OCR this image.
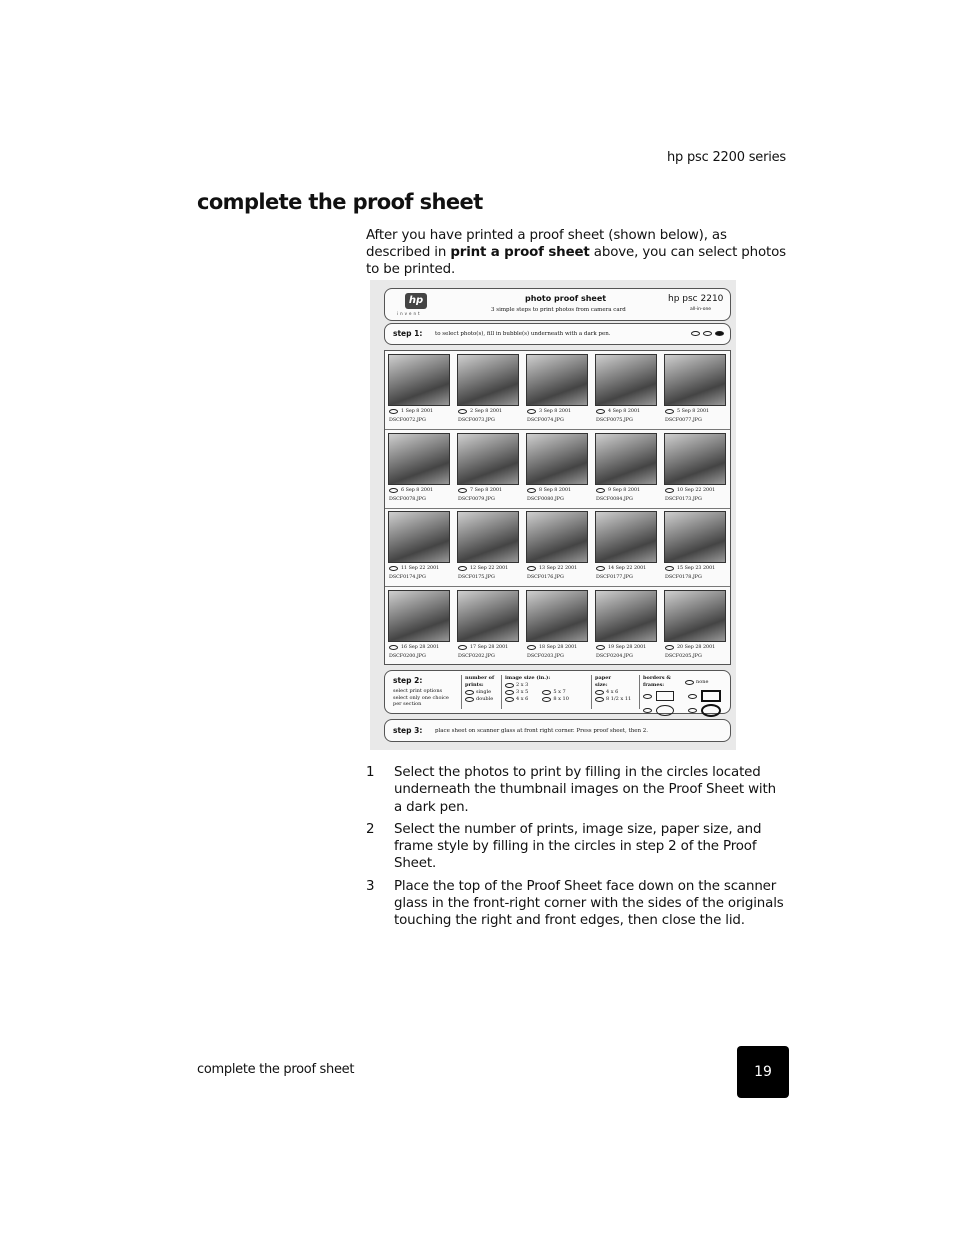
hp psc 2200 series
complete the proof sheet

After you have printed a proof sheet (shown below), as described in print a proof sheet above, you can select photos to be printed.

hp
invent
photo proof sheet
3 simple steps to print photos from camera card
hp psc 2210
all-in-one
step 1: to select photo(s), fill in bubble(s) underneath with a dark pen.
1 Sep 8 2001
DSCF0072.JPG
2 Sep 8 2001
DSCF0073.JPG
3 Sep 8 2001
DSCF0074.JPG
4 Sep 8 2001
DSCF0075.JPG
5 Sep 8 2001
DSCF0077.JPG
6 Sep 8 2001
DSCF0078.JPG
7 Sep 8 2001
DSCF0079.JPG
8 Sep 8 2001
DSCF0080.JPG
9 Sep 8 2001
DSCF0084.JPG
10 Sep 22 2001
DSCF0173.JPG
11 Sep 22 2001
DSCF0174.JPG
12 Sep 22 2001
DSCF0175.JPG
13 Sep 22 2001
DSCF0176.JPG
14 Sep 22 2001
DSCF0177.JPG
15 Sep 23 2001
DSCF0178.JPG
16 Sep 28 2001
DSCF0200.JPG
17 Sep 28 2001
DSCF0202.JPG
18 Sep 28 2001
DSCF0203.JPG
19 Sep 28 2001
DSCF0204.JPG
20 Sep 28 2001
DSCF0205.JPG
step 2:
select print options select only one choice per section
number of prints:
single
double
image size (in.):
2 x 3
3 x 5
4 x 6
5 x 7
8 x 10
paper size:
4 x 6
8 1/2 x 11
borders & frames:
none
step 3: place sheet on scanner glass at front right corner. Press proof sheet, then 2.
1 Select the photos to print by filling in the circles located underneath the thumbnail images on the Proof Sheet with a dark pen.
2 Select the number of prints, image size, paper size, and frame style by filling in the circles in step 2 of the Proof Sheet.
3 Place the top of the Proof Sheet face down on the scanner glass in the front-right corner with the sides of the originals touching the right and front edges, then close the lid.
complete the proof sheet	19
